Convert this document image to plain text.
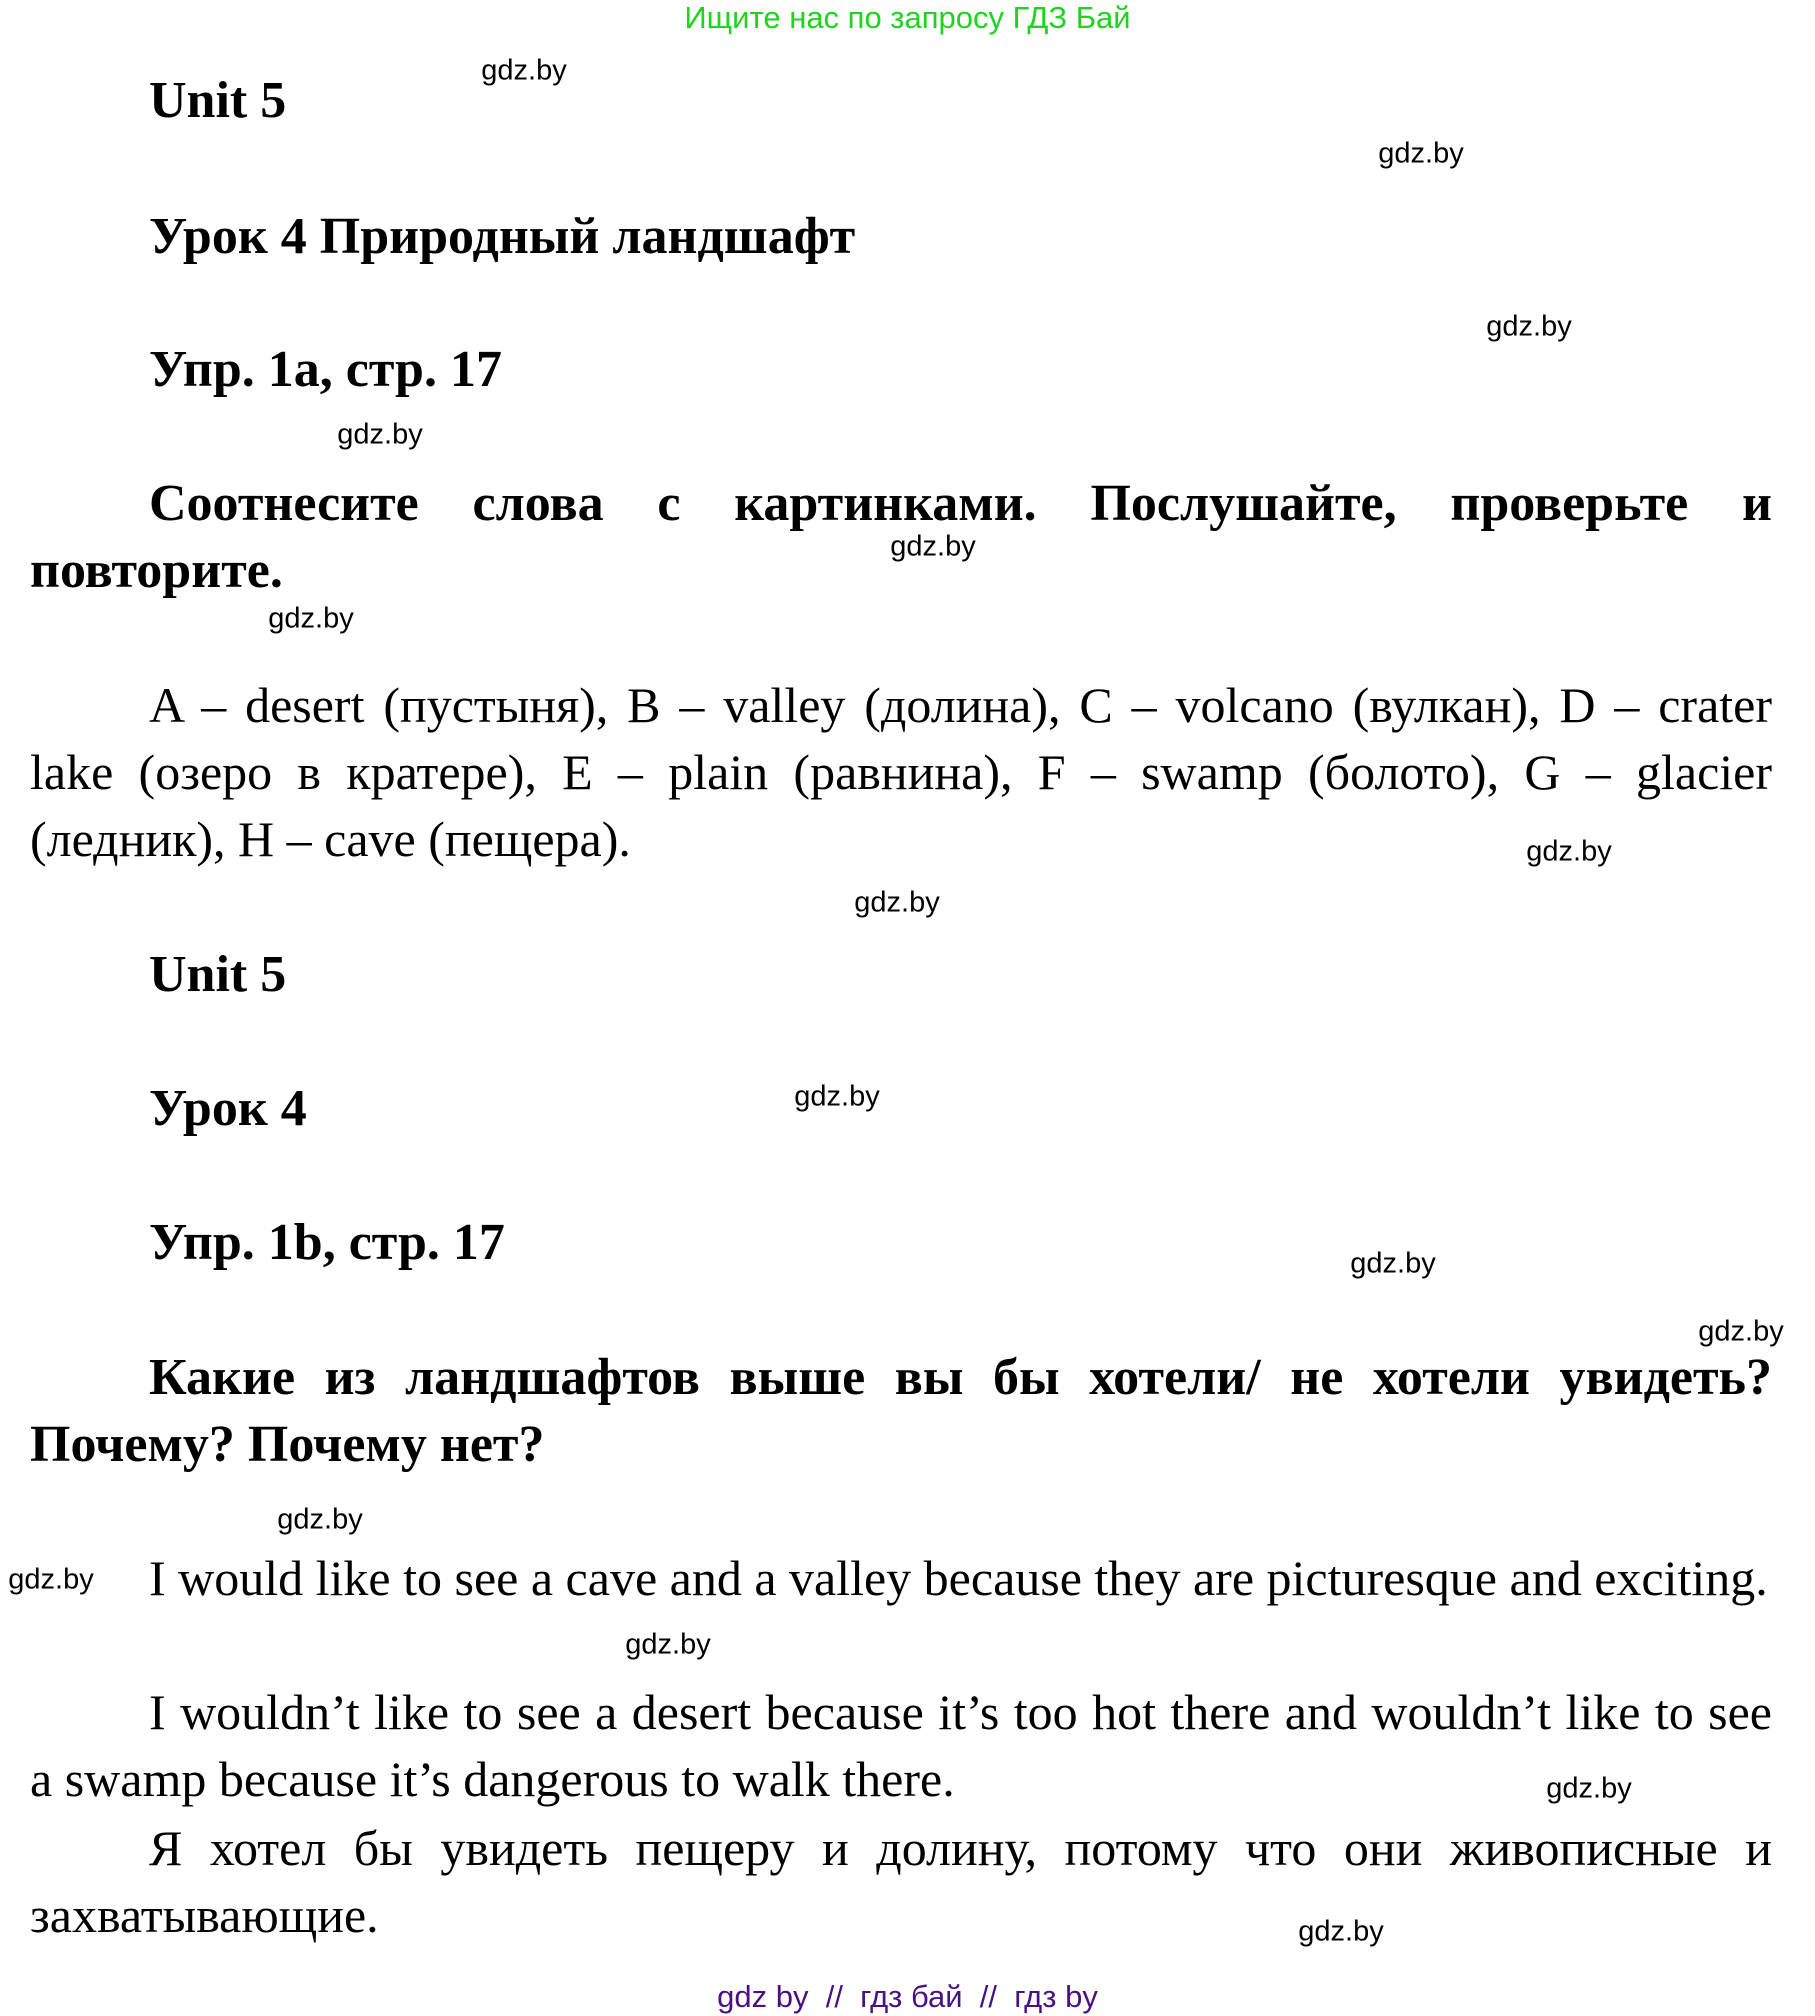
Ищите нас по запросу ГДЗ Бай
Unit 5
Урок 4 Природный ландшафт
Упр. 1a, стр. 17
Соотнесите слова с картинками. Послушайте, проверьте и повторите.
A – desert (пустыня), B – valley (долина), C – volcano (вулкан), D – crater lake (озеро в кратере), E – plain (равнина), F – swamp (болото), G – glacier (ледник), H – cave (пещера).
Unit 5
Урок 4
Упр. 1b, стр. 17
Какие из ландшафтов выше вы бы хотели/ не хотели увидеть? Почему? Почему нет?
I would like to see a cave and a valley because they are picturesque and exciting.
I wouldn’t like to see a desert because it’s too hot there and wouldn’t like to see a swamp because it’s dangerous to walk there.
Я хотел бы увидеть пещеру и долину, потому что они живописные и захватывающие.
gdz.by
gdz.by
gdz.by
gdz.by
gdz.by
gdz.by
gdz.by
gdz.by
gdz.by
gdz.by
gdz.by
gdz.by
gdz.by
gdz.by
gdz.by
gdz.by
gdz by  //  гдз бай  //  гдз by
